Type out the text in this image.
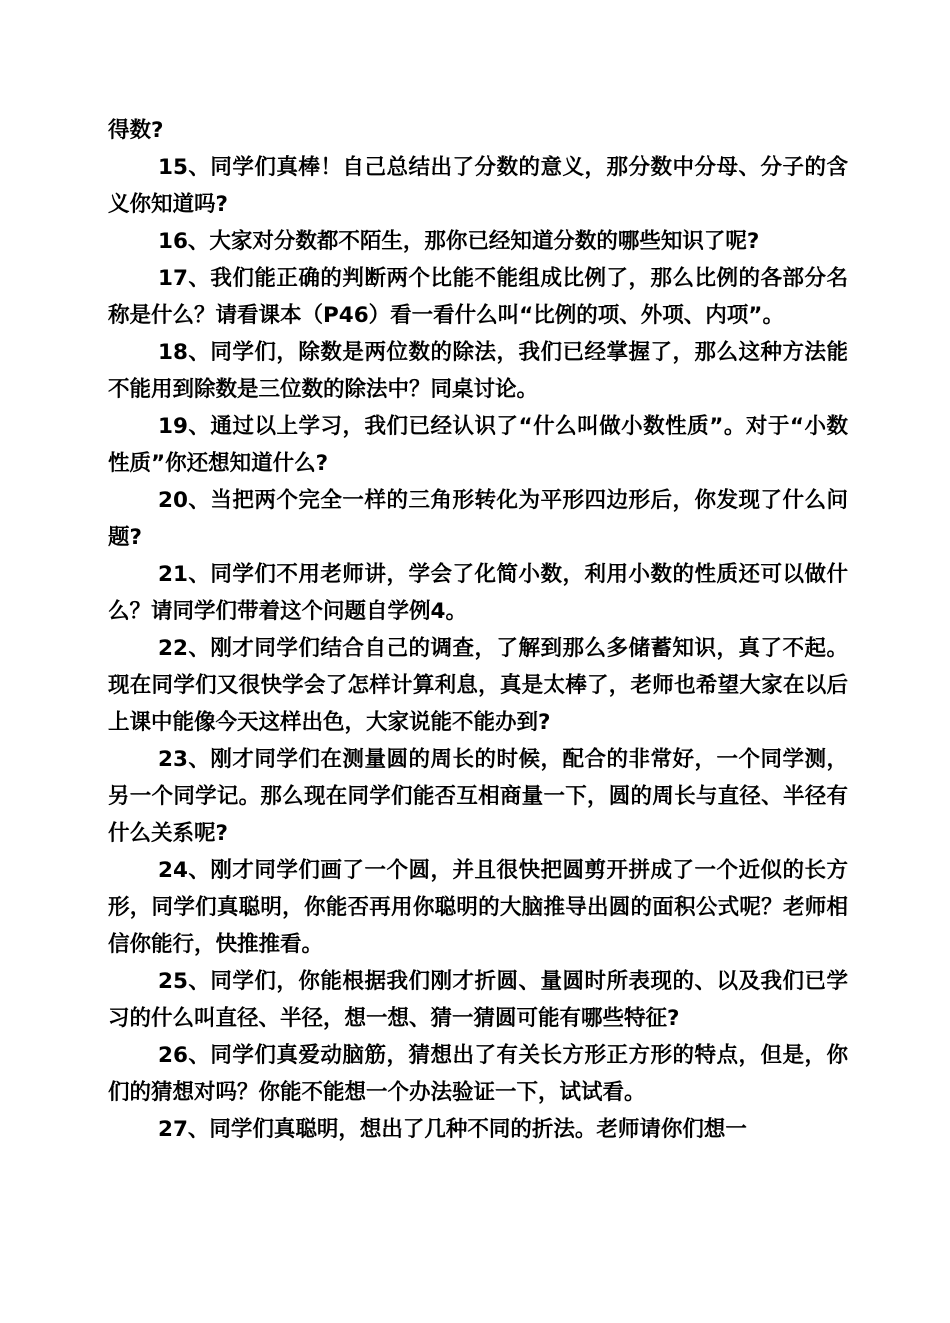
得数?

15、同学们真棒！自己总结出了分数的意义，那分数中分母、分子的含义你知道吗?

16、大家对分数都不陌生，那你已经知道分数的哪些知识了呢?

17、我们能正确的判断两个比能不能组成比例了，那么比例的各部分名称是什么？请看课本（P46）看一看什么叫“比例的项、外项、内项”。

18、同学们，除数是两位数的除法，我们已经掌握了，那么这种方法能不能用到除数是三位数的除法中？同桌讨论。

19、通过以上学习，我们已经认识了“什么叫做小数性质”。对于“小数性质”你还想知道什么?

20、当把两个完全一样的三角形转化为平形四边形后，你发现了什么问题?

21、同学们不用老师讲，学会了化简小数，利用小数的性质还可以做什么？请同学们带着这个问题自学例4。

22、刚才同学们结合自己的调查，了解到那么多储蓄知识，真了不起。现在同学们又很快学会了怎样计算利息，真是太棒了，老师也希望大家在以后上课中能像今天这样出色，大家说能不能办到?

23、刚才同学们在测量圆的周长的时候，配合的非常好，一个同学测，另一个同学记。那么现在同学们能否互相商量一下，圆的周长与直径、半径有什么关系呢?

24、刚才同学们画了一个圆，并且很快把圆剪开拼成了一个近似的长方形，同学们真聪明，你能否再用你聪明的大脑推导出圆的面积公式呢？老师相信你能行，快推推看。

25、同学们，你能根据我们刚才折圆、量圆时所表现的、以及我们已学习的什么叫直径、半径，想一想、猜一猜圆可能有哪些特征?

26、同学们真爱动脑筋，猜想出了有关长方形正方形的特点，但是，你们的猜想对吗？你能不能想一个办法验证一下，试试看。

27、同学们真聪明，想出了几种不同的折法。老师请你们想一
